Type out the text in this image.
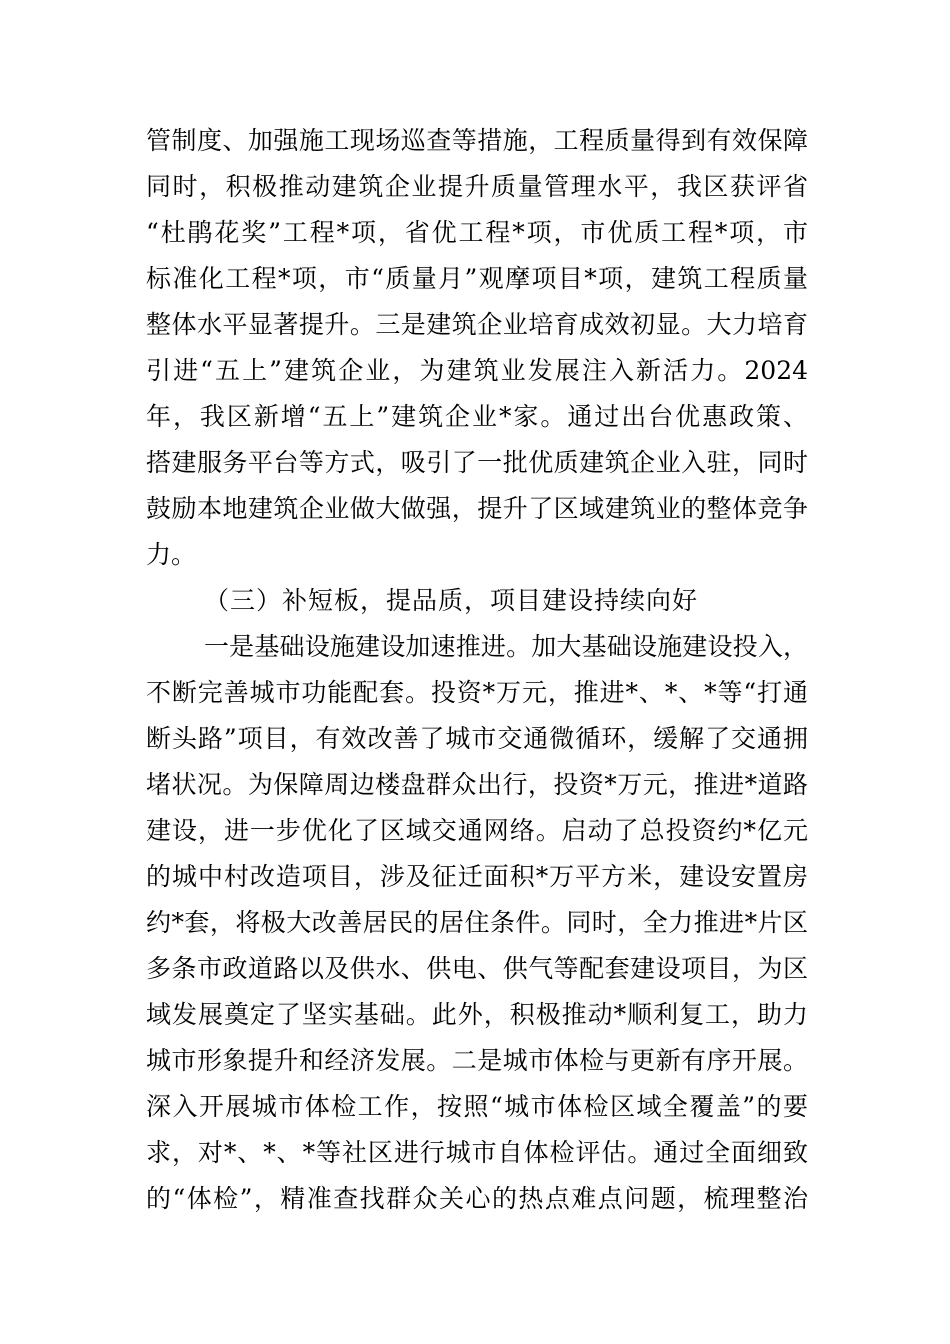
管制度、加强施工现场巡查等措施，工程质量得到有效保障
同时，积极推动建筑企业提升质量管理水平，我区获评省
“杜鹃花奖”工程*项，省优工程*项，市优质工程*项，市
标准化工程*项，市“质量月”观摩项目*项，建筑工程质量
整体水平显著提升。三是建筑企业培育成效初显。大力培育
引进“五上”建筑企业，为建筑业发展注入新活力。2024
年，我区新增“五上”建筑企业*家。通过出台优惠政策、
搭建服务平台等方式，吸引了一批优质建筑企业入驻，同时
鼓励本地建筑企业做大做强，提升了区域建筑业的整体竞争
力。
（三）补短板，提品质，项目建设持续向好
一是基础设施建设加速推进。加大基础设施建设投入，
不断完善城市功能配套。投资*万元，推进*、*、*等“打通
断头路”项目，有效改善了城市交通微循环，缓解了交通拥
堵状况。为保障周边楼盘群众出行，投资*万元，推进*道路
建设，进一步优化了区域交通网络。启动了总投资约*亿元
的城中村改造项目，涉及征迁面积*万平方米，建设安置房
约*套，将极大改善居民的居住条件。同时，全力推进*片区
多条市政道路以及供水、供电、供气等配套建设项目，为区
域发展奠定了坚实基础。此外，积极推动*顺利复工，助力
城市形象提升和经济发展。二是城市体检与更新有序开展。
深入开展城市体检工作，按照“城市体检区域全覆盖”的要
求，对*、*、*等社区进行城市自体检评估。通过全面细致
的“体检”，精准查找群众关心的热点难点问题，梳理整治
